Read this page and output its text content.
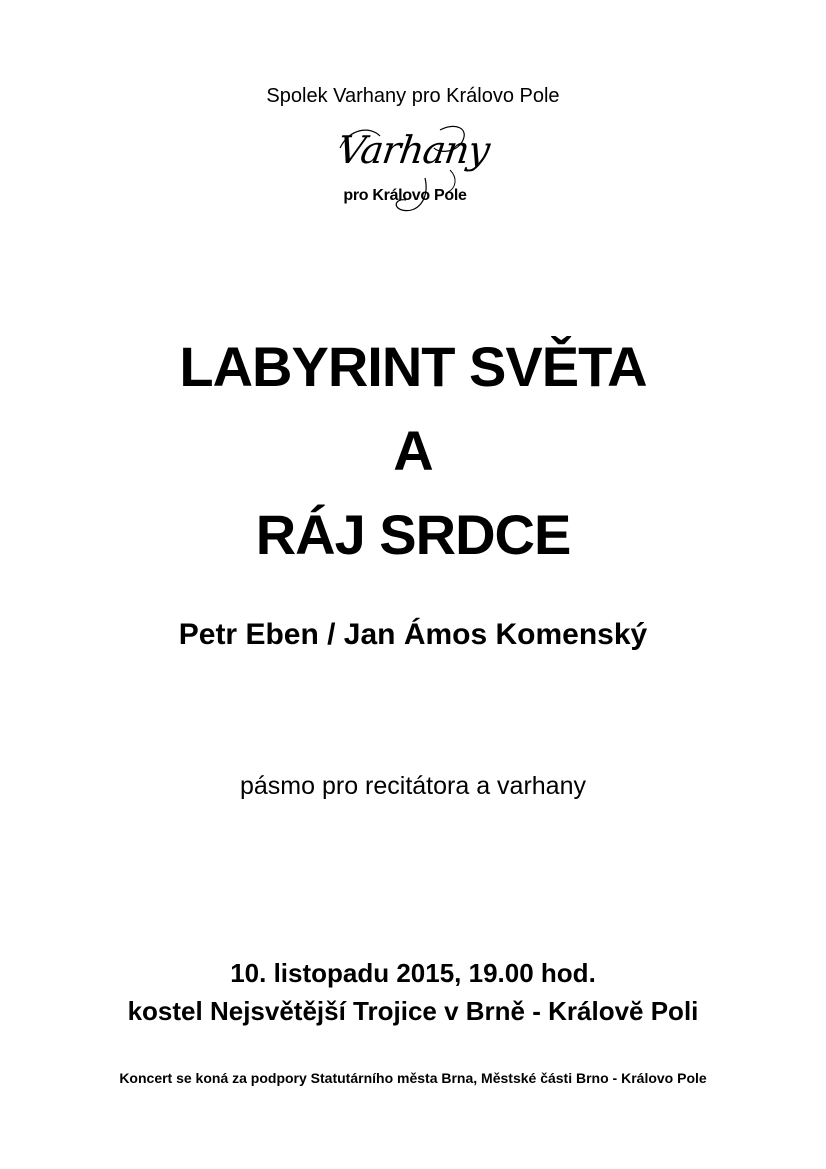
Spolek Varhany pro Královo Pole
Varhany
pro Královo Pole
LABYRINT SVĚTA
A
RÁJ SRDCE
Petr Eben / Jan Ámos Komenský
pásmo pro recitátora a varhany
10. listopadu 2015, 19.00 hod.
kostel Nejsvětější Trojice v Brně - Královĕ Poli
Koncert se koná za podpory Statutárního města Brna, Městské části Brno - Královo Pole
